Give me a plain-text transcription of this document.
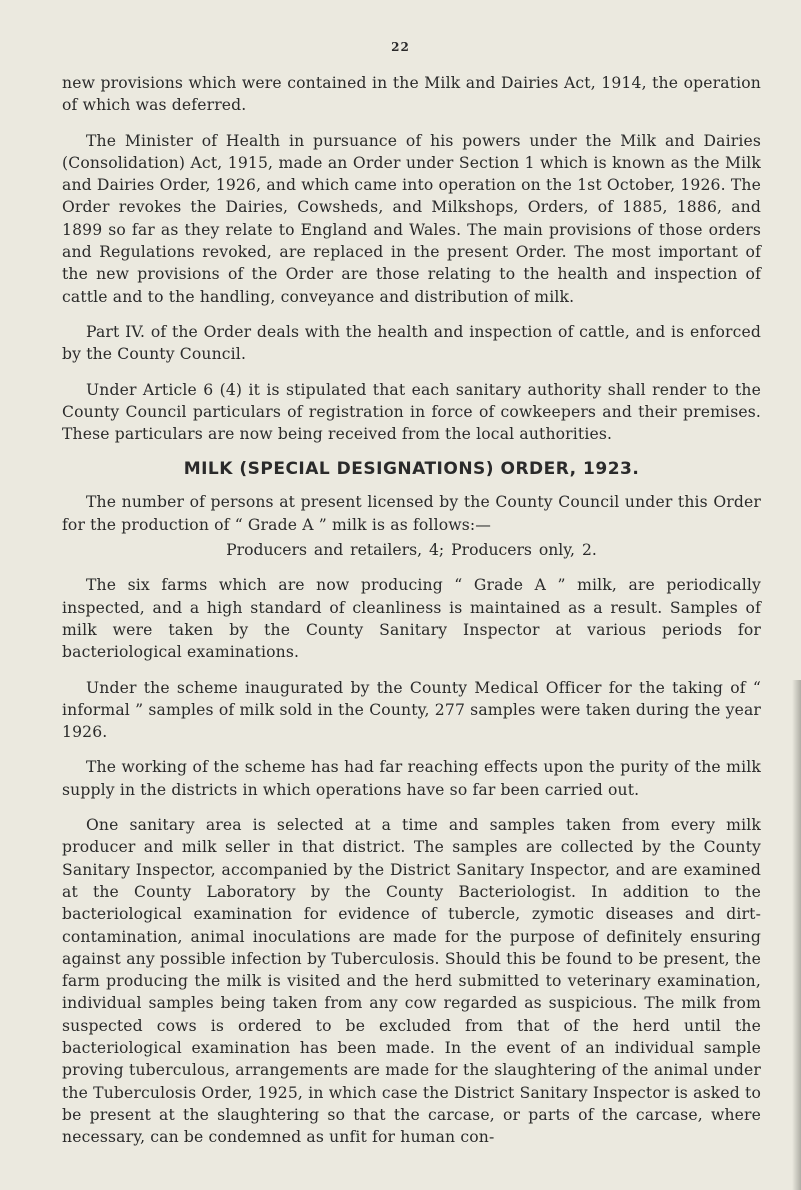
22

new provisions which were contained in the Milk and Dairies Act, 1914, the operation of which was deferred.

The Minister of Health in pursuance of his powers under the Milk and Dairies (Consolidation) Act, 1915, made an Order under Section 1 which is known as the Milk and Dairies Order, 1926, and which came into operation on the 1st October, 1926. The Order revokes the Dairies, Cowsheds, and Milkshops, Orders, of 1885, 1886, and 1899 so far as they relate to England and Wales. The main provisions of those orders and Regulations revoked, are replaced in the present Order. The most important of the new provisions of the Order are those relating to the health and inspection of cattle and to the handling, conveyance and distribution of milk.

Part IV. of the Order deals with the health and inspection of cattle, and is enforced by the County Council.

Under Article 6 (4) it is stipulated that each sanitary authority shall render to the County Council particulars of registration in force of cowkeepers and their premises. These particulars are now being received from the local authorities.

MILK (SPECIAL DESIGNATIONS) ORDER, 1923.

The number of persons at present licensed by the County Council under this Order for the production of “ Grade A ” milk is as follows:—

Producers and retailers, 4; Producers only, 2.

The six farms which are now producing “ Grade A ” milk, are periodically inspected, and a high standard of cleanliness is maintained as a result. Samples of milk were taken by the County Sanitary Inspector at various periods for bacteriological examinations.

Under the scheme inaugurated by the County Medical Officer for the taking of “ informal ” samples of milk sold in the County, 277 samples were taken during the year 1926.

The working of the scheme has had far reaching effects upon the purity of the milk supply in the districts in which operations have so far been carried out.

One sanitary area is selected at a time and samples taken from every milk producer and milk seller in that district. The samples are collected by the County Sanitary Inspector, accompanied by the District Sanitary Inspector, and are examined at the County Laboratory by the County Bacteriologist. In addition to the bacteriological examination for evidence of tubercle, zymotic diseases and dirt-contamination, animal inoculations are made for the purpose of definitely ensuring against any possible infection by Tuberculosis. Should this be found to be present, the farm producing the milk is visited and the herd submitted to veterinary examination, individual samples being taken from any cow regarded as suspicious. The milk from suspected cows is ordered to be excluded from that of the herd until the bacteriological examination has been made. In the event of an individual sample proving tuberculous, arrangements are made for the slaughtering of the animal under the Tuberculosis Order, 1925, in which case the District Sanitary Inspector is asked to be present at the slaughtering so that the carcase, or parts of the carcase, where necessary, can be condemned as unfit for human con-
